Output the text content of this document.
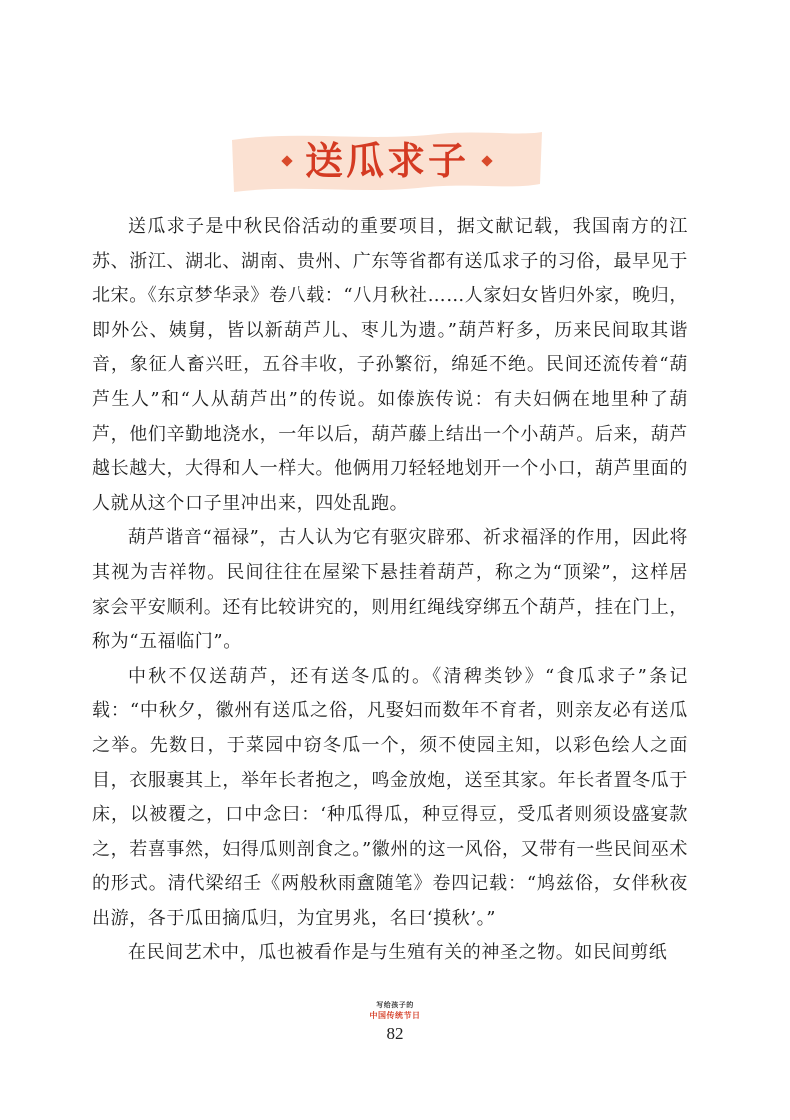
送瓜求子

送瓜求子是中秋民俗活动的重要项目，据文献记载，我国南方的江苏、浙江、湖北、湖南、贵州、广东等省都有送瓜求子的习俗，最早见于北宋。《东京梦华录》卷八载：“八月秋社……人家妇女皆归外家，晚归，即外公、姨舅，皆以新葫芦儿、枣儿为遗。”葫芦籽多，历来民间取其谐音，象征人畜兴旺，五谷丰收，子孙繁衍，绵延不绝。民间还流传着“葫芦生人”和“人从葫芦出”的传说。如傣族传说：有夫妇俩在地里种了葫芦，他们辛勤地浇水，一年以后，葫芦藤上结出一个小葫芦。后来，葫芦越长越大，大得和人一样大。他俩用刀轻轻地划开一个小口，葫芦里面的人就从这个口子里冲出来，四处乱跑。

葫芦谐音“福禄”，古人认为它有驱灾辟邪、祈求福泽的作用，因此将其视为吉祥物。民间往往在屋梁下悬挂着葫芦，称之为“顶梁”，这样居家会平安顺利。还有比较讲究的，则用红绳线穿绑五个葫芦，挂在门上，称为“五福临门”。

中秋不仅送葫芦，还有送冬瓜的。《清稗类钞》“食瓜求子”条记载：“中秋夕，徽州有送瓜之俗，凡娶妇而数年不育者，则亲友必有送瓜之举。先数日，于菜园中窃冬瓜一个，须不使园主知，以彩色绘人之面目，衣服裹其上，举年长者抱之，鸣金放炮，送至其家。年长者置冬瓜于床，以被覆之，口中念曰：‘种瓜得瓜，种豆得豆，受瓜者则须设盛宴款之，若喜事然，妇得瓜则剖食之。”徽州的这一风俗，又带有一些民间巫术的形式。清代梁绍壬《两般秋雨盦随笔》卷四记载：“鸠兹俗，女伴秋夜出游，各于瓜田摘瓜归，为宜男兆，名曰‘摸秋’。”

在民间艺术中，瓜也被看作是与生殖有关的神圣之物。如民间剪纸

写给孩子的
中国传统节日
82
